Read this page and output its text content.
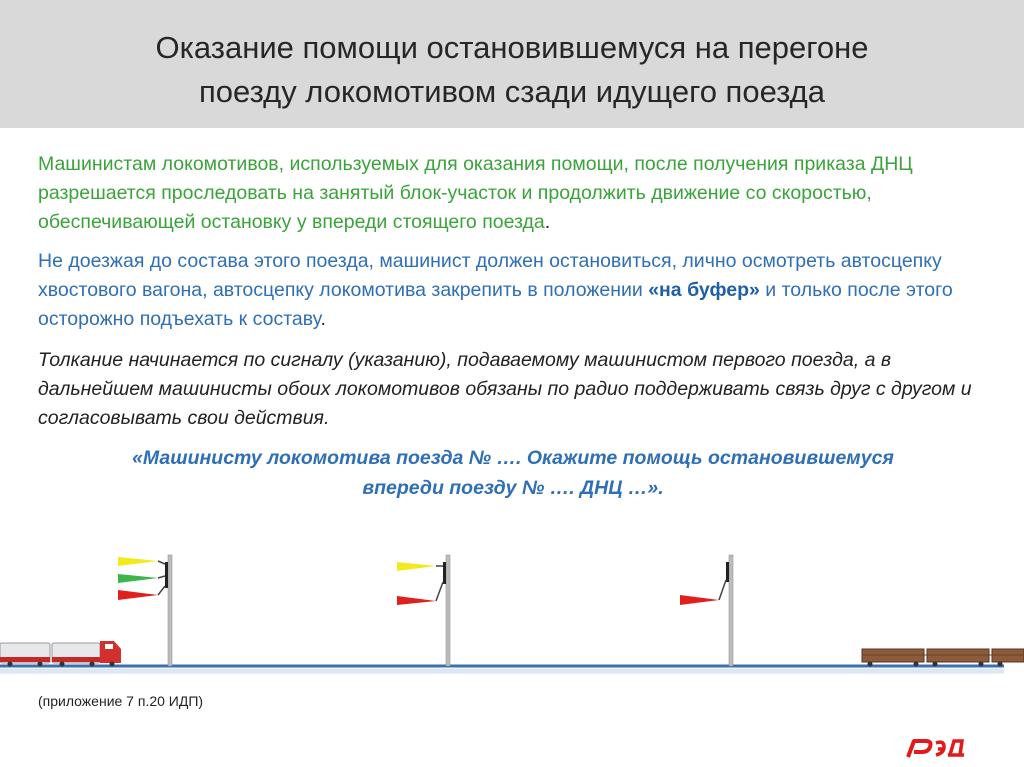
Оказание помощи остановившемуся на перегоне
поезду локомотивом сзади идущего поезда

Машинистам локомотивов, используемых для оказания помощи, после получения приказа ДНЦ разрешается проследовать на занятый блок-участок и продолжить движение со скоростью, обеспечивающей остановку у впереди стоящего поезда.

Не доезжая до состава этого поезда, машинист должен остановиться, лично осмотреть автосцепку хвостового вагона, автосцепку локомотива закрепить в положении «на буфер» и только после этого осторожно подъехать к составу.

Толкание начинается по сигналу (указанию), подаваемому машинистом первого поезда, а в дальнейшем машинисты обоих локомотивов обязаны по радио поддерживать связь друг с другом и согласовывать свои действия.

«Машинисту локомотива поезда № …. Окажите помощь остановившемуся
впереди поезду № …. ДНЦ …».

(приложение 7 п.20 ИДП)
